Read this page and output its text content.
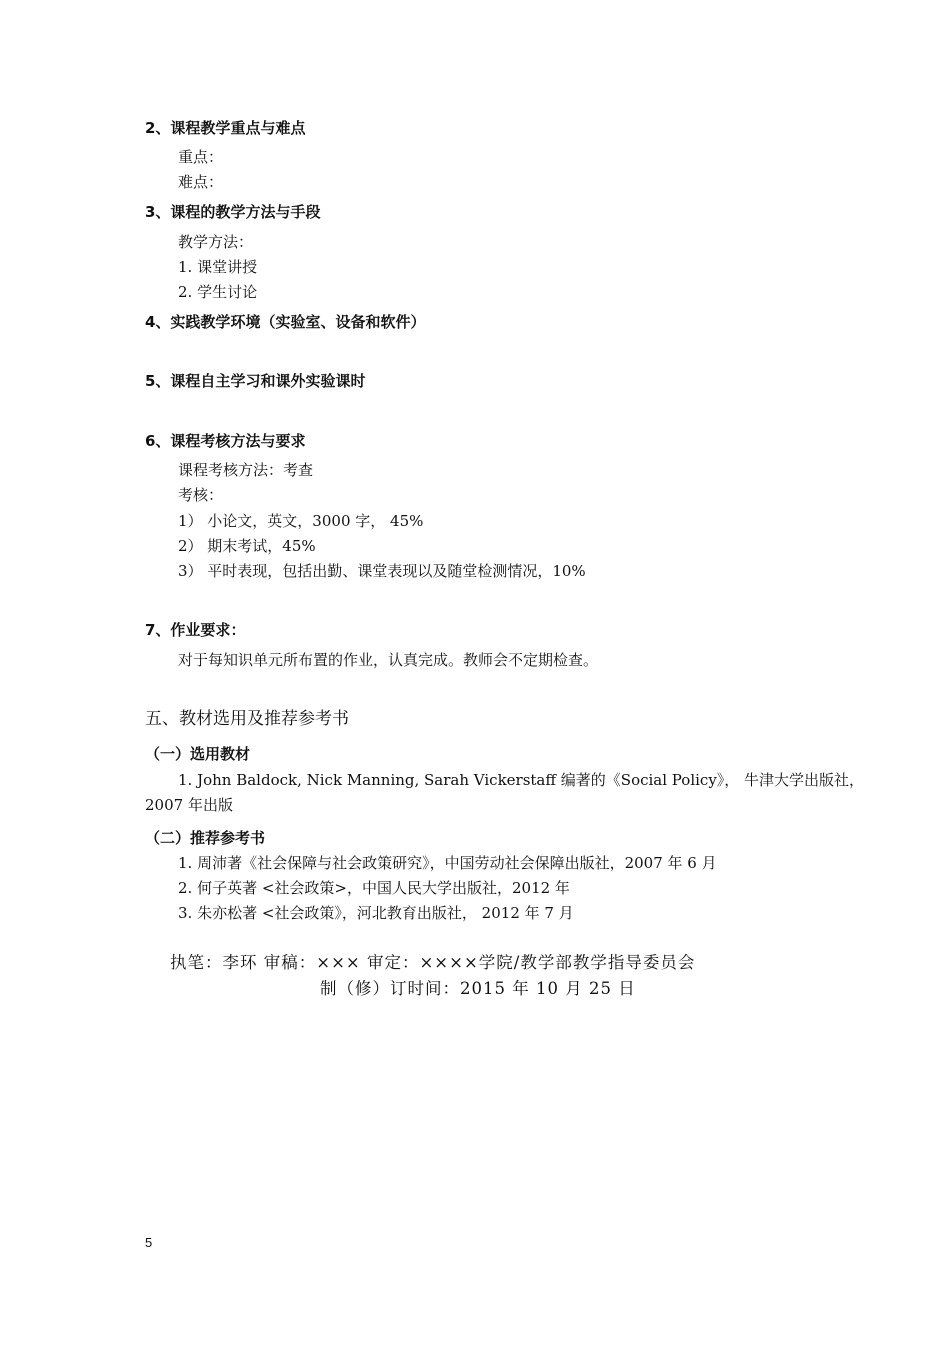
2、课程教学重点与难点
重点：
难点：
3、课程的教学方法与手段
教学方法：
1. 课堂讲授
2. 学生讨论
4、实践教学环境（实验室、设备和软件）
5、课程自主学习和课外实验课时
6、课程考核方法与要求
课程考核方法：考查
考核：
1） 小论文，英文，3000 字， 45%
2） 期末考试，45%
3） 平时表现，包括出勤、课堂表现以及随堂检测情况，10%
7、作业要求：
对于每知识单元所布置的作业，认真完成。教师会不定期检查。
五、教材选用及推荐参考书
（一）选用教材
1. John Baldock, Nick Manning, Sarah Vickerstaff 编著的《Social Policy》， 牛津大学出版社，
2007 年出版
（二）推荐参考书
1. 周沛著《社会保障与社会政策研究》，中国劳动社会保障出版社，2007 年 6 月
2. 何子英著 <社会政策>，中国人民大学出版社，2012 年
3. 朱亦松著 <社会政策》，河北教育出版社， 2012 年 7 月
执笔：李环 审稿：××× 审定：××××学院/教学部教学指导委员会
制（修）订时间：2015 年 10 月 25 日
5
